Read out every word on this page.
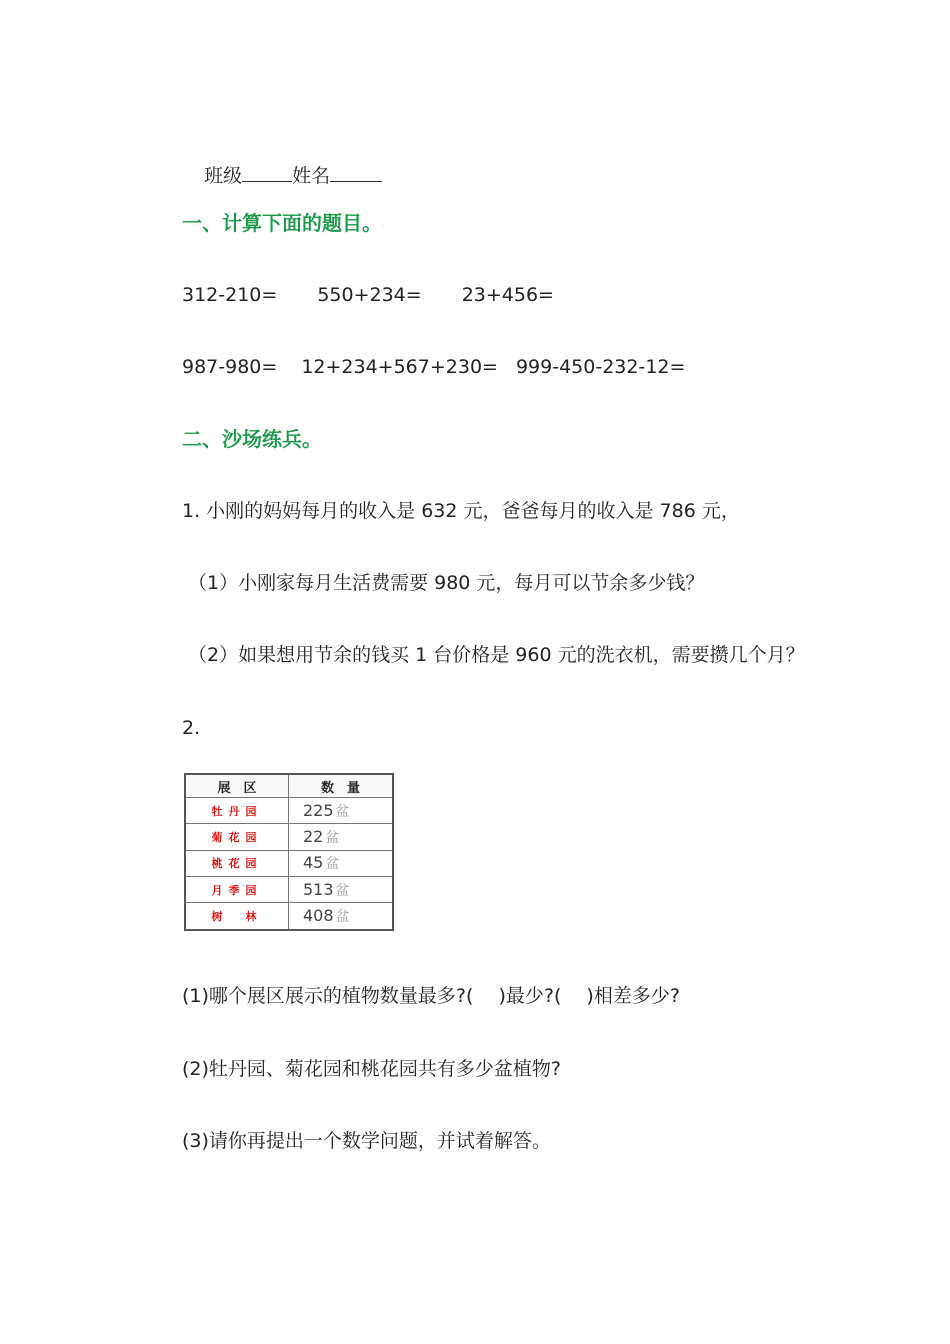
班级	姓名

一、计算下面的题目。
312-210= 550+234= 23+456=
987-980= 12+234+567+230= 999-450-232-12=
二、沙场练兵。
1. 小刚的妈妈每月的收入是 632 元，爸爸每月的收入是 786 元，
（1）小刚家每月生活费需要 980 元，每月可以节余多少钱？
（2）如果想用节余的钱买 1 台价格是 960 元的洗衣机，需要攒几个月？
2.
展　区	数　量
牡丹园	225 盆
菊花园	22 盆
桃花园	45 盆
月季园	513 盆
树　林	408 盆
(1)哪个展区展示的植物数量最多?(　 )最少?(　 )相差多少?
(2)牡丹园、菊花园和桃花园共有多少盆植物?
(3)请你再提出一个数学问题，并试着解答。
